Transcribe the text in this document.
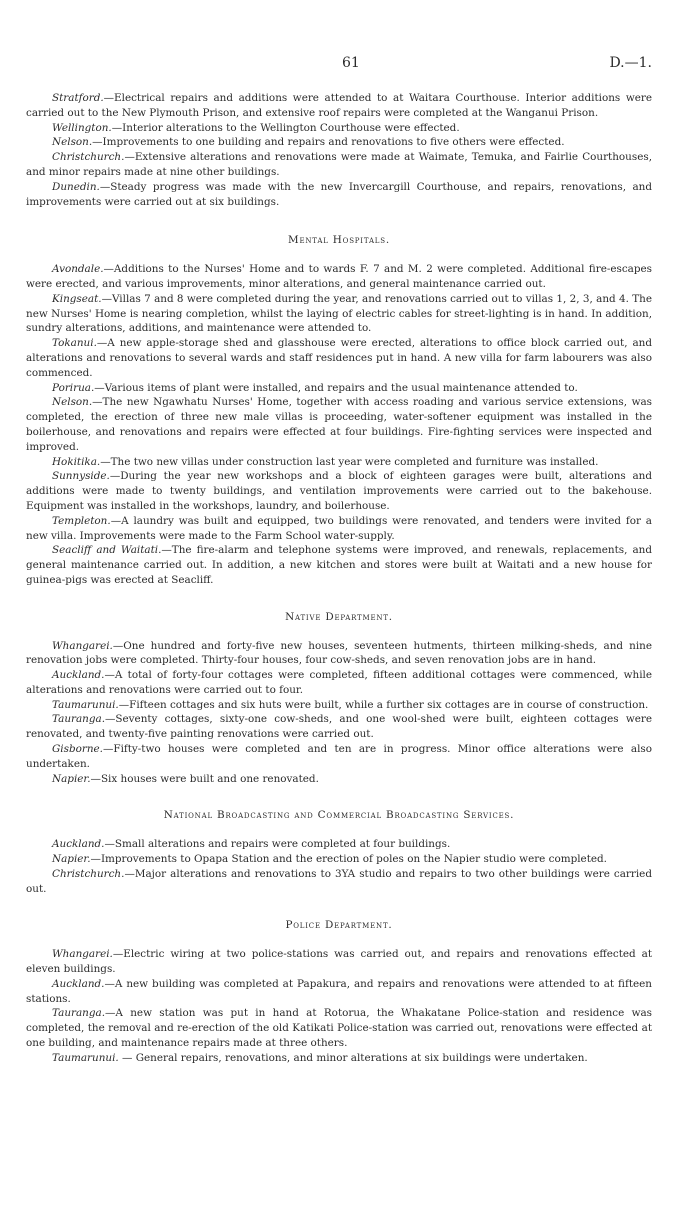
61	D.—1.

Stratford.—Electrical repairs and additions were attended to at Waitara Courthouse. Interior additions were carried out to the New Plymouth Prison, and extensive roof repairs were completed at the Wanganui Prison.

Wellington.—Interior alterations to the Wellington Courthouse were effected.

Nelson.—Improvements to one building and repairs and renovations to five others were effected.

Christchurch.—Extensive alterations and renovations were made at Waimate, Temuka, and Fairlie Courthouses, and minor repairs made at nine other buildings.

Dunedin.—Steady progress was made with the new Invercargill Courthouse, and repairs, renovations, and improvements were carried out at six buildings.

Mental Hospitals.

Avondale.—Additions to the Nurses' Home and to wards F. 7 and M. 2 were completed. Additional fire-escapes were erected, and various improvements, minor alterations, and general maintenance carried out.

Kingseat.—Villas 7 and 8 were completed during the year, and renovations carried out to villas 1, 2, 3, and 4. The new Nurses' Home is nearing completion, whilst the laying of electric cables for street-lighting is in hand. In addition, sundry alterations, additions, and maintenance were attended to.

Tokanui.—A new apple-storage shed and glasshouse were erected, alterations to office block carried out, and alterations and renovations to several wards and staff residences put in hand. A new villa for farm labourers was also commenced.

Porirua.—Various items of plant were installed, and repairs and the usual maintenance attended to.

Nelson.—The new Ngawhatu Nurses' Home, together with access roading and various service extensions, was completed, the erection of three new male villas is proceeding, water-softener equipment was installed in the boilerhouse, and renovations and repairs were effected at four buildings. Fire-fighting services were inspected and improved.

Hokitika.—The two new villas under construction last year were completed and furniture was installed.

Sunnyside.—During the year new workshops and a block of eighteen garages were built, alterations and additions were made to twenty buildings, and ventilation improvements were carried out to the bakehouse. Equipment was installed in the workshops, laundry, and boilerhouse.

Templeton.—A laundry was built and equipped, two buildings were renovated, and tenders were invited for a new villa. Improvements were made to the Farm School water-supply.

Seacliff and Waitati.—The fire-alarm and telephone systems were improved, and renewals, replacements, and general maintenance carried out. In addition, a new kitchen and stores were built at Waitati and a new house for guinea-pigs was erected at Seacliff.

Native Department.

Whangarei.—One hundred and forty-five new houses, seventeen hutments, thirteen milking-sheds, and nine renovation jobs were completed. Thirty-four houses, four cow-sheds, and seven renovation jobs are in hand.

Auckland.—A total of forty-four cottages were completed, fifteen additional cottages were commenced, while alterations and renovations were carried out to four.

Taumarunui.—Fifteen cottages and six huts were built, while a further six cottages are in course of construction.

Tauranga.—Seventy cottages, sixty-one cow-sheds, and one wool-shed were built, eighteen cottages were renovated, and twenty-five painting renovations were carried out.

Gisborne.—Fifty-two houses were completed and ten are in progress. Minor office alterations were also undertaken.

Napier.—Six houses were built and one renovated.

National Broadcasting and Commercial Broadcasting Services.

Auckland.—Small alterations and repairs were completed at four buildings.

Napier.—Improvements to Opapa Station and the erection of poles on the Napier studio were completed.

Christchurch.—Major alterations and renovations to 3YA studio and repairs to two other buildings were carried out.

Police Department.

Whangarei.—Electric wiring at two police-stations was carried out, and repairs and renovations effected at eleven buildings.

Auckland.—A new building was completed at Papakura, and repairs and renovations were attended to at fifteen stations.

Tauranga.—A new station was put in hand at Rotorua, the Whakatane Police-station and residence was completed, the removal and re-erection of the old Katikati Police-station was carried out, renovations were effected at one building, and maintenance repairs made at three others.

Taumarunui. — General repairs, renovations, and minor alterations at six buildings were undertaken.
